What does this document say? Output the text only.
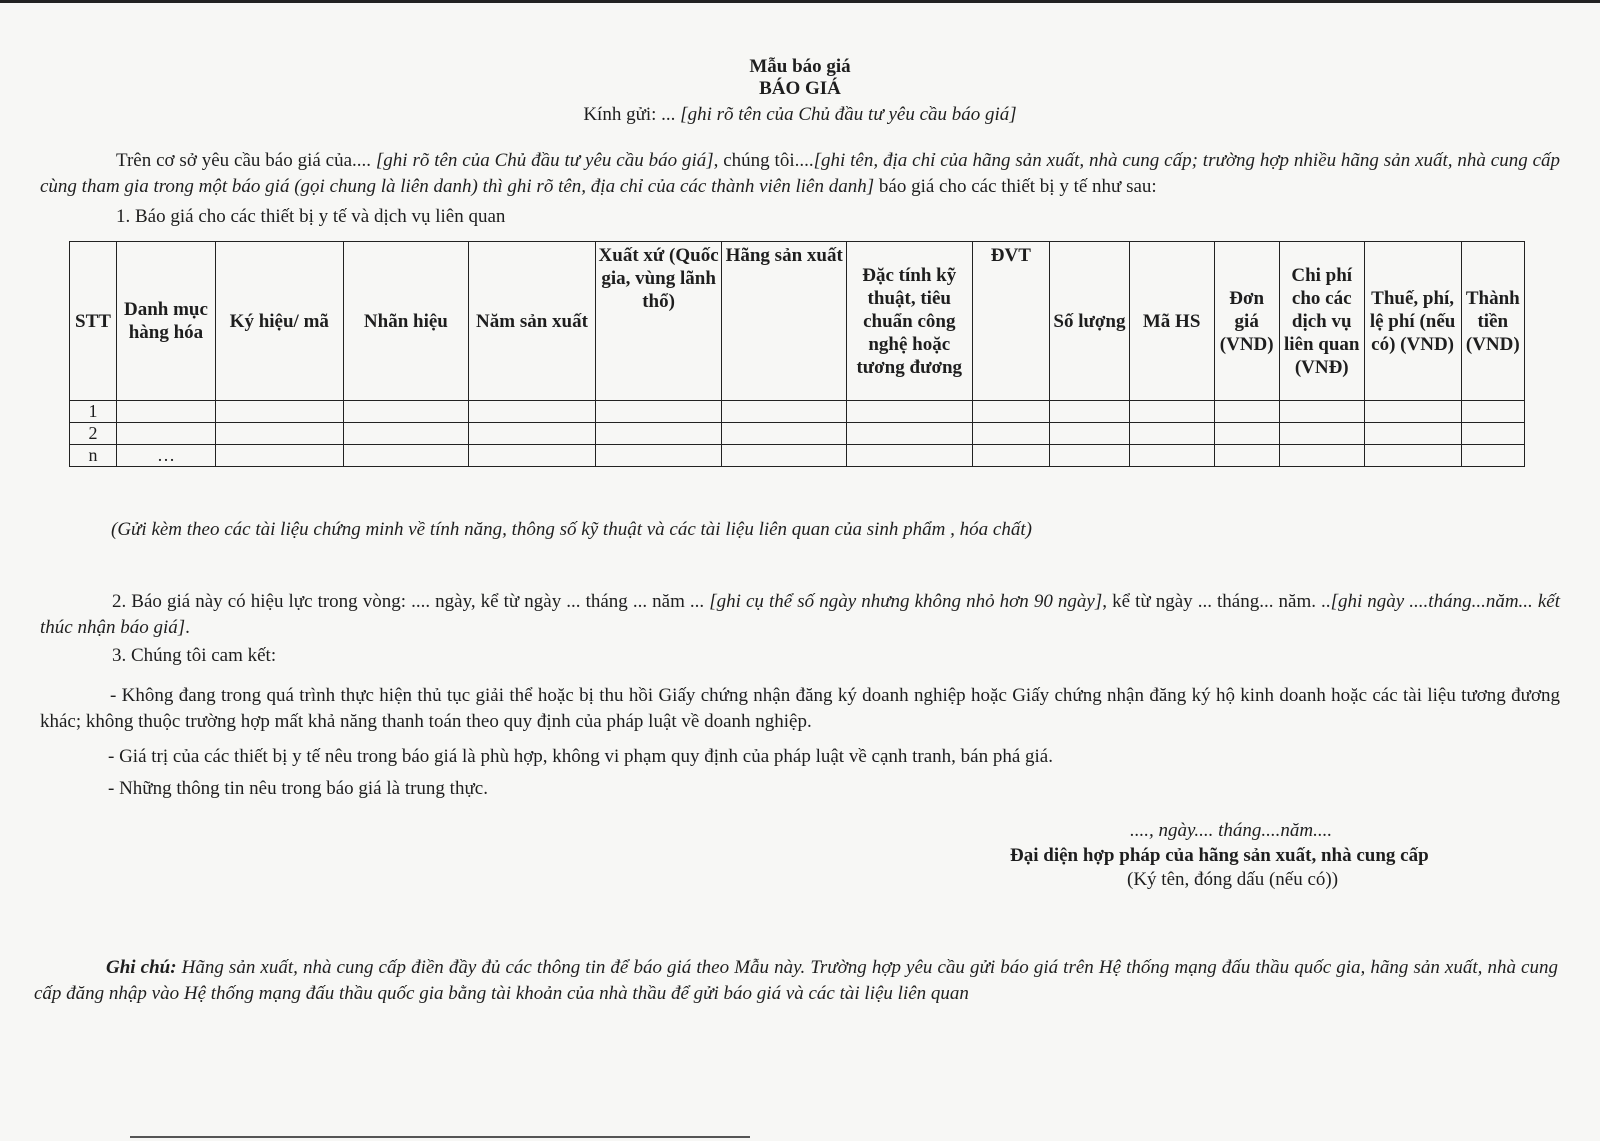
Mẫu báo giá
BÁO GIÁ
Kính gửi: ... [ghi rõ tên của Chủ đầu tư yêu cầu báo giá]
Trên cơ sở yêu cầu báo giá của.... [ghi rõ tên của Chủ đầu tư yêu cầu báo giá], chúng tôi....[ghi tên, địa chỉ của hãng sản xuất, nhà cung cấp; trường hợp nhiều hãng sản xuất, nhà cung cấp cùng tham gia trong một báo giá (gọi chung là liên danh) thì ghi rõ tên, địa chỉ của các thành viên liên danh] báo giá cho các thiết bị y tế như sau:
1. Báo giá cho các thiết bị y tế và dịch vụ liên quan
STT	Danh mục hàng hóa	Ký hiệu/ mã	Nhãn hiệu	Năm sản xuất	Xuất xứ (Quốc gia, vùng lãnh thổ)	Hãng sản xuất	Đặc tính kỹ thuật, tiêu chuẩn công nghệ hoặc tương đương	ĐVT	Số lượng	Mã HS	Đơn giá (VND)	Chi phí cho các dịch vụ liên quan (VNĐ)	Thuế, phí, lệ phí (nếu có) (VND)	Thành tiền (VND)
1														
2														
n	…													
(Gửi kèm theo các tài liệu chứng minh về tính năng, thông số kỹ thuật và các tài liệu liên quan của sinh phẩm , hóa chất)
2. Báo giá này có hiệu lực trong vòng: .... ngày, kể từ ngày ... tháng ... năm ... [ghi cụ thể số ngày nhưng không nhỏ hơn 90 ngày], kể từ ngày ... tháng... năm. ..[ghi ngày ....tháng...năm... kết thúc nhận báo giá].
3. Chúng tôi cam kết:
- Không đang trong quá trình thực hiện thủ tục giải thể hoặc bị thu hồi Giấy chứng nhận đăng ký doanh nghiệp hoặc Giấy chứng nhận đăng ký hộ kinh doanh hoặc các tài liệu tương đương khác; không thuộc trường hợp mất khả năng thanh toán theo quy định của pháp luật về doanh nghiệp.
- Giá trị của các thiết bị y tế nêu trong báo giá là phù hợp, không vi phạm quy định của pháp luật về cạnh tranh, bán phá giá.
- Những thông tin nêu trong báo giá là trung thực.
...., ngày.... tháng....năm....
Đại diện hợp pháp của hãng sản xuất, nhà cung cấp
(Ký tên, đóng dấu (nếu có))
Ghi chú: Hãng sản xuất, nhà cung cấp điền đầy đủ các thông tin để báo giá theo Mẫu này. Trường hợp yêu cầu gửi báo giá trên Hệ thống mạng đấu thầu quốc gia, hãng sản xuất, nhà cung cấp đăng nhập vào Hệ thống mạng đấu thầu quốc gia bằng tài khoản của nhà thầu để gửi báo giá và các tài liệu liên quan
